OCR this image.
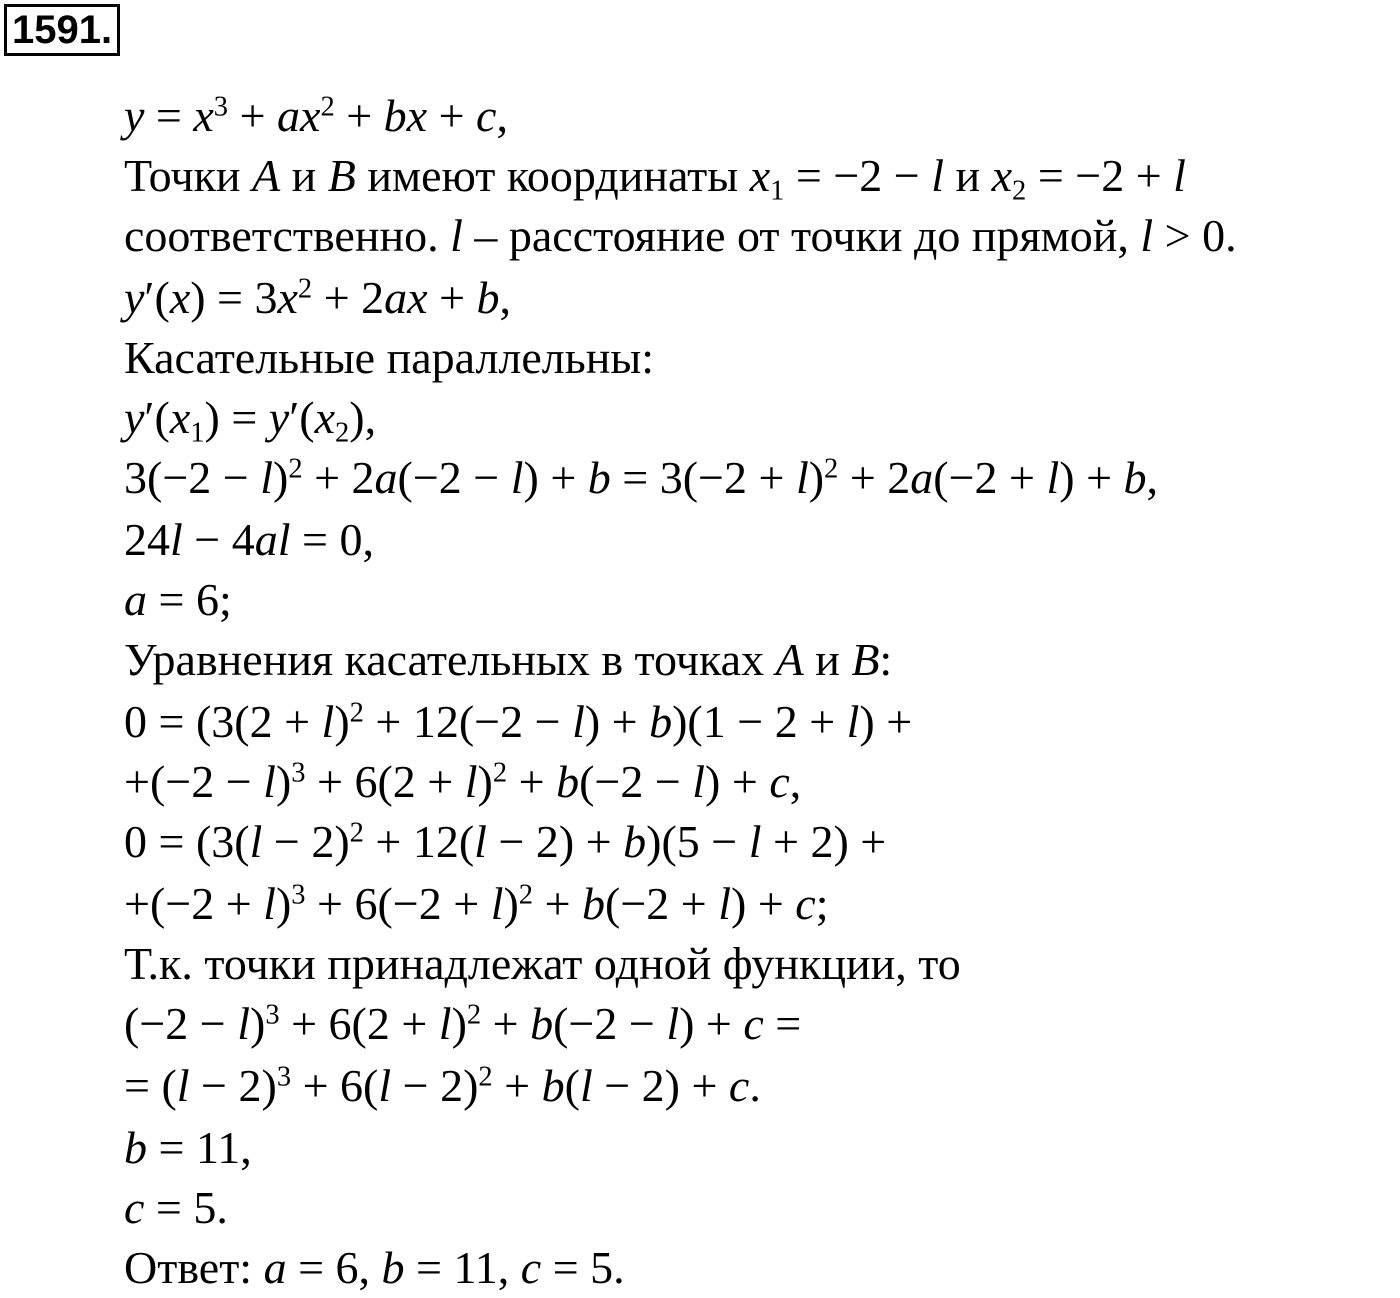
1591.
$y = x^3 + ax^2$ + bx + c,
Точки A и B имеют координаты $x_1 = -2 - l$ и $x_2 = -2 + l$
соответственно. l – расстояние от точки до прямой, l > 0.
$y'(x) = 3x^2 + 2ax + b$,
Касательные параллельны:
$y'(x_1) = y'(x_2)$,
$3(-2 - l)^2 + 2a(-2 - l) + b = 3(-2 + l)^2 + 2a(-2 + l) + b$,
24l − 4al = 0,
a = 6;
Уравнения касательных в точках A и B:
$0 = (3(2 + l)^2 + 12(-2 - l) + b)(1 - 2 + l)$ +
$+(-2 - l)^3 + 6(2 + l)^2 + b(-2 - l) + c$,
$0 = (3(l - 2)^2 + 12(l - 2) + b)(5 - l + 2)$ +
$+(-2 + l)^3 + 6(-2 + l)^2 + b(-2 + l) + c$;
Т.к. точки принадлежат одной функции, то
$(-2 - l)^3 + 6(2 + l)^2 + b(-2 - l) + c$ =
= $(l - 2)^3 + 6(l - 2)^2 + b(l - 2) + c$.
b = 11,
c = 5.
Ответ: a = 6, b = 11, c = 5.
